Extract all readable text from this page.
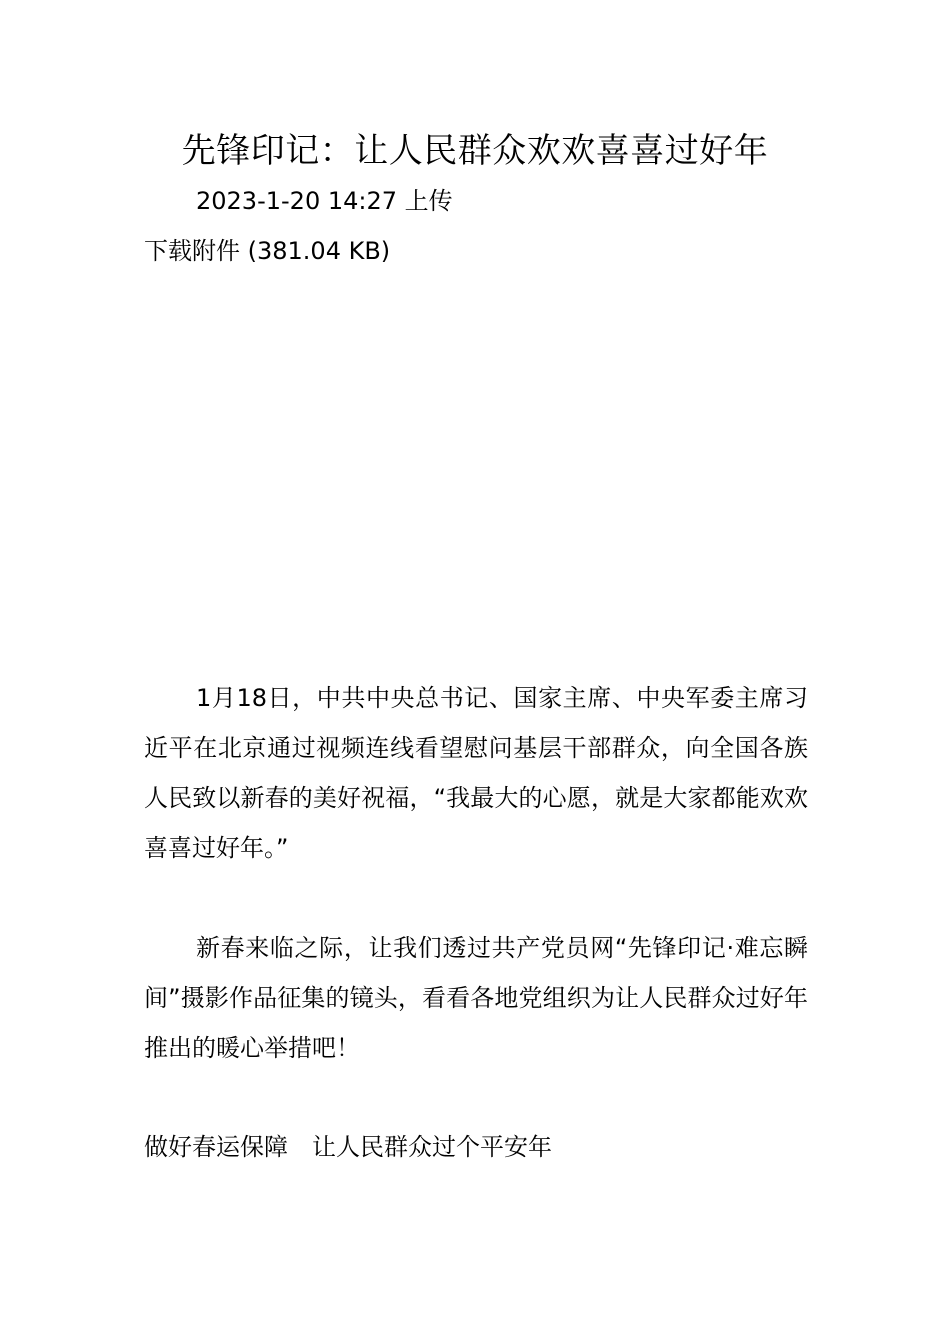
先锋印记：让人民群众欢欢喜喜过好年
2023-1-20 14:27 上传
下载附件 (381.04 KB)

1月18日，中共中央总书记、国家主席、中央军委主席习近平在北京通过视频连线看望慰问基层干部群众，向全国各族人民致以新春的美好祝福，“我最大的心愿，就是大家都能欢欢喜喜过好年。”

新春来临之际，让我们透过共产党员网“先锋印记·难忘瞬间”摄影作品征集的镜头，看看各地党组织为让人民群众过好年推出的暖心举措吧！

做好春运保障　让人民群众过个平安年
